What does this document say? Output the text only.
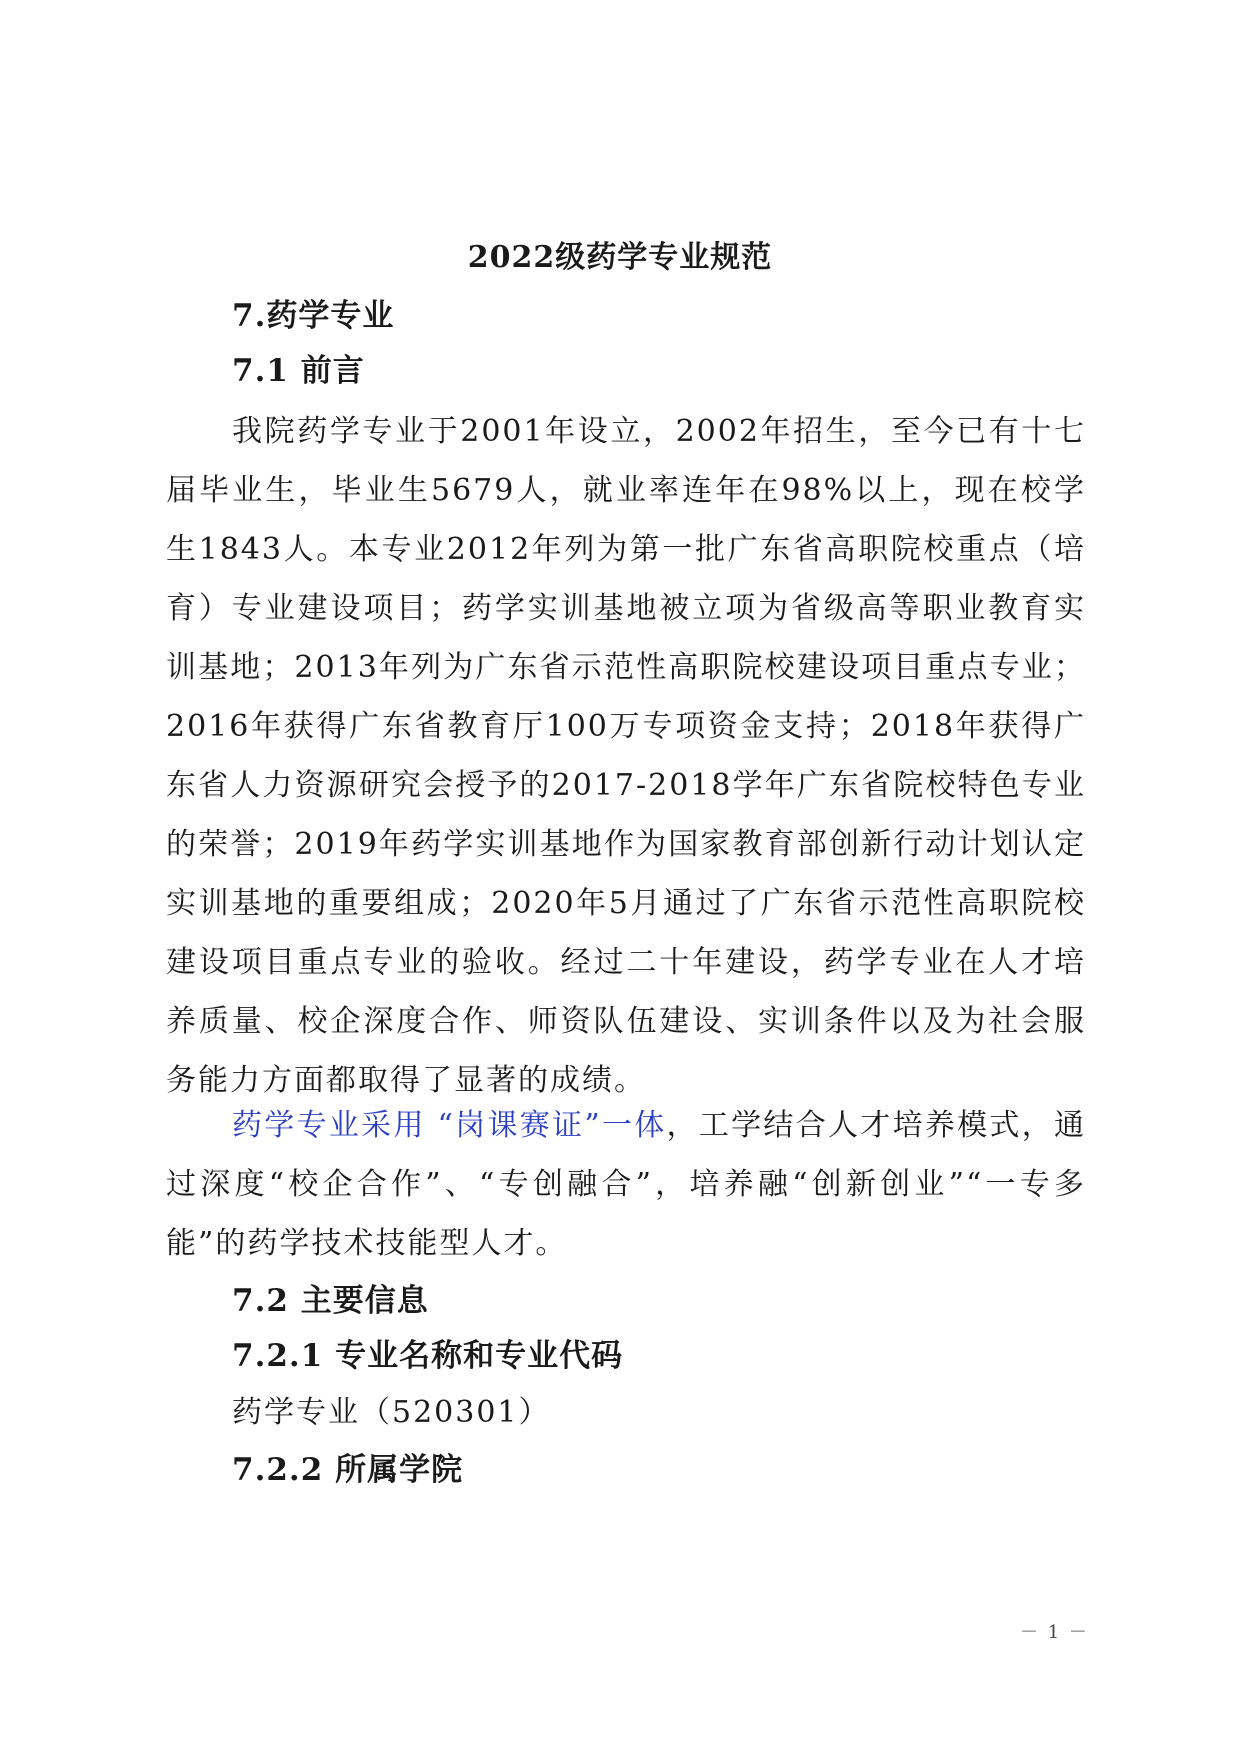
2022级药学专业规范
7.药学专业
7.1 前言

我院药学专业于2001年设立，2002年招生，至今已有十七届毕业生，毕业生5679人，就业率连年在98%以上，现在校学生1843人。本专业2012年列为第一批广东省高职院校重点（培育）专业建设项目；药学实训基地被立项为省级高等职业教育实训基地；2013年列为广东省示范性高职院校建设项目重点专业；2016年获得广东省教育厅100万专项资金支持；2018年获得广东省人力资源研究会授予的2017-2018学年广东省院校特色专业的荣誉；2019年药学实训基地作为国家教育部创新行动计划认定实训基地的重要组成；2020年5月通过了广东省示范性高职院校建设项目重点专业的验收。经过二十年建设，药学专业在人才培养质量、校企深度合作、师资队伍建设、实训条件以及为社会服务能力方面都取得了显著的成绩。

药学专业采用 “岗课赛证”一体，工学结合人才培养模式，通过深度“校企合作”、“专创融合”，培养融“创新创业”“一专多能”的药学技术技能型人才。

7.2 主要信息
7.2.1 专业名称和专业代码
药学专业（520301）
7.2.2 所属学院
－ 1 －
